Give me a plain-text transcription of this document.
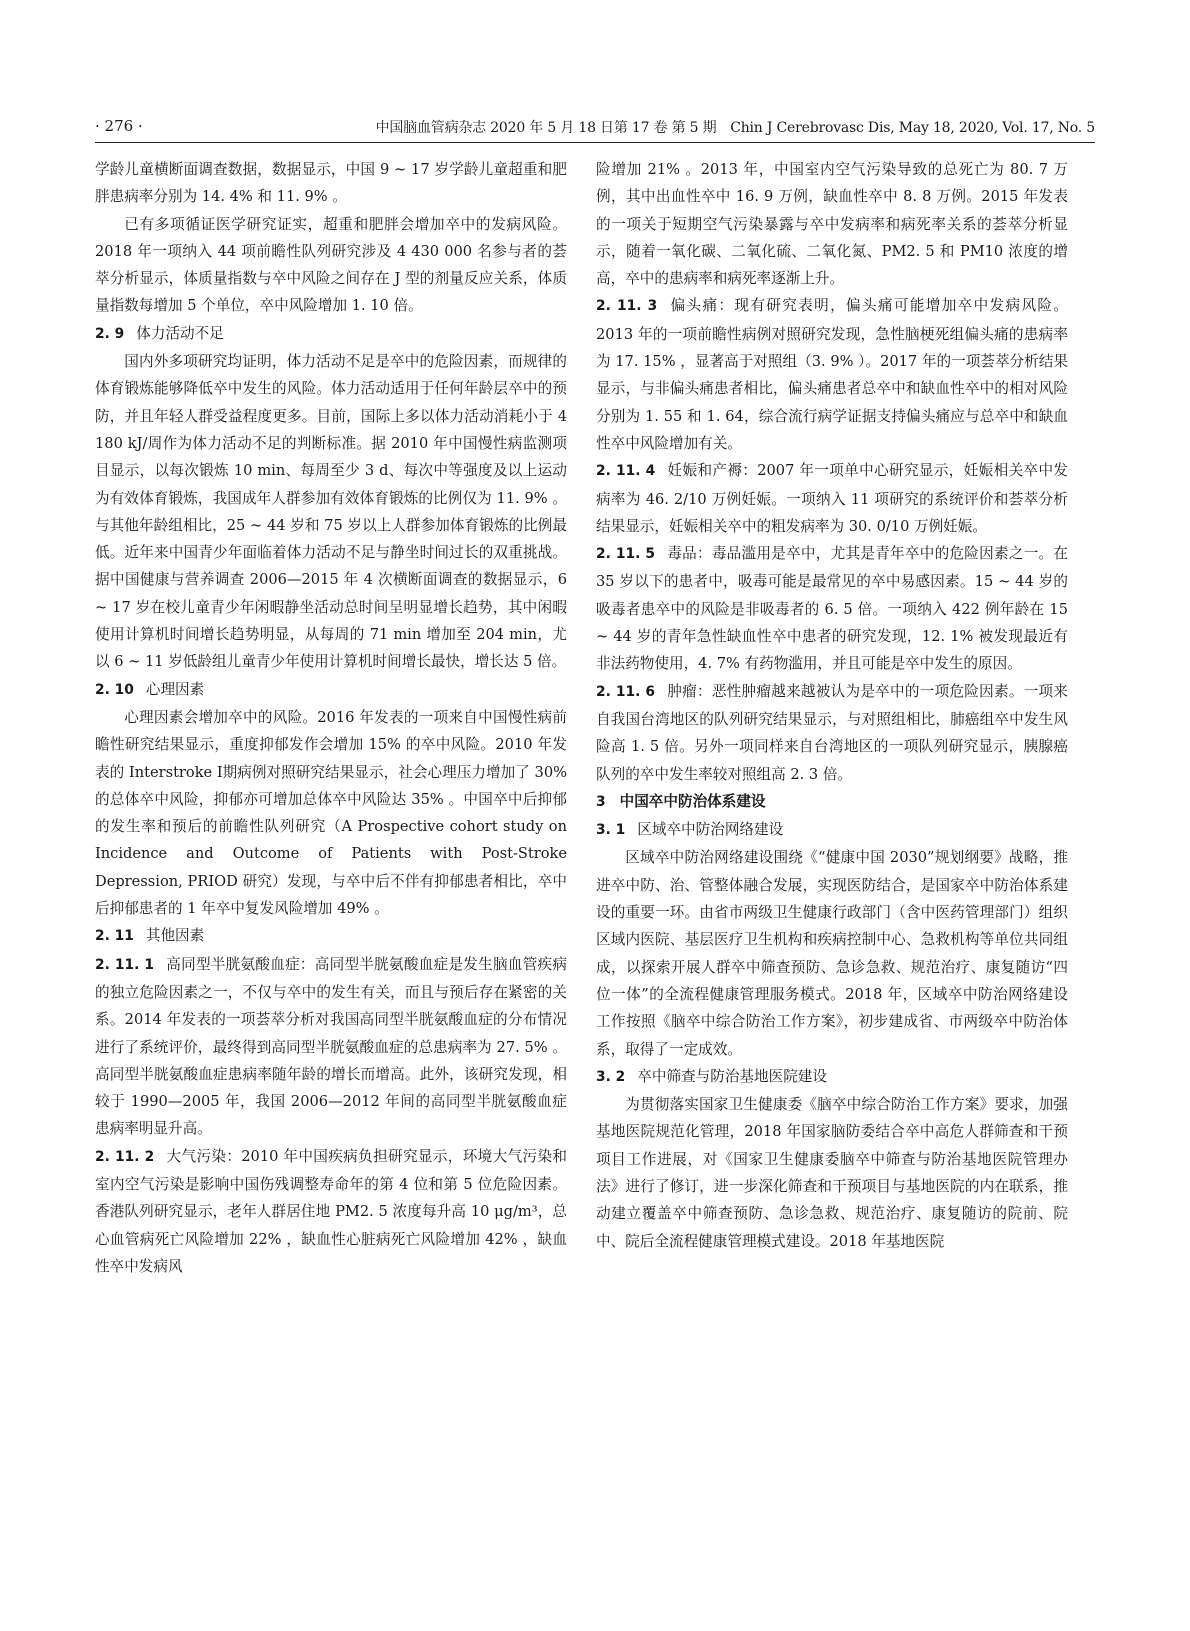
· 276 ·	中国脑血管病杂志 2020 年 5 月 18 日第 17 卷 第 5 期　Chin J Cerebrovasc Dis, May 18, 2020, Vol. 17, No. 5

学龄儿童横断面调查数据，数据显示，中国 9 ~ 17 岁学龄儿童超重和肥胖患病率分别为 14. 4% 和 11. 9% 。

已有多项循证医学研究证实，超重和肥胖会增加卒中的发病风险。2018 年一项纳入 44 项前瞻性队列研究涉及 4 430 000 名参与者的荟萃分析显示，体质量指数与卒中风险之间存在 J 型的剂量反应关系，体质量指数每增加 5 个单位，卒中风险增加 1. 10 倍。

2. 9 体力活动不足

国内外多项研究均证明，体力活动不足是卒中的危险因素，而规律的体育锻炼能够降低卒中发生的风险。体力活动适用于任何年龄层卒中的预防，并且年轻人群受益程度更多。目前，国际上多以体力活动消耗小于 4 180 kJ/周作为体力活动不足的判断标准。据 2010 年中国慢性病监测项目显示，以每次锻炼 10 min、每周至少 3 d、每次中等强度及以上运动为有效体育锻炼，我国成年人群参加有效体育锻炼的比例仅为 11. 9% 。与其他年龄组相比，25 ~ 44 岁和 75 岁以上人群参加体育锻炼的比例最低。近年来中国青少年面临着体力活动不足与静坐时间过长的双重挑战。据中国健康与营养调查 2006—2015 年 4 次横断面调查的数据显示，6 ~ 17 岁在校儿童青少年闲暇静坐活动总时间呈明显增长趋势，其中闲暇使用计算机时间增长趋势明显，从每周的 71 min 增加至 204 min，尤以 6 ~ 11 岁低龄组儿童青少年使用计算机时间增长最快，增长达 5 倍。

2. 10 心理因素

心理因素会增加卒中的风险。2016 年发表的一项来自中国慢性病前瞻性研究结果显示，重度抑郁发作会增加 15% 的卒中风险。2010 年发表的 Interstroke Ⅰ期病例对照研究结果显示，社会心理压力增加了 30% 的总体卒中风险，抑郁亦可增加总体卒中风险达 35% 。中国卒中后抑郁的发生率和预后的前瞻性队列研究（A Prospective cohort study on Incidence and Outcome of Patients with Post-Stroke Depression, PRIOD 研究）发现，与卒中后不伴有抑郁患者相比，卒中后抑郁患者的 1 年卒中复发风险增加 49% 。

2. 11 其他因素

2. 11. 1 高同型半胱氨酸血症：高同型半胱氨酸血症是发生脑血管疾病的独立危险因素之一，不仅与卒中的发生有关，而且与预后存在紧密的关系。2014 年发表的一项荟萃分析对我国高同型半胱氨酸血症的分布情况进行了系统评价，最终得到高同型半胱氨酸血症的总患病率为 27. 5% 。高同型半胱氨酸血症患病率随年龄的增长而增高。此外，该研究发现，相较于 1990—2005 年，我国 2006—2012 年间的高同型半胱氨酸血症患病率明显升高。

2. 11. 2 大气污染：2010 年中国疾病负担研究显示，环境大气污染和室内空气污染是影响中国伤残调整寿命年的第 4 位和第 5 位危险因素。香港队列研究显示，老年人群居住地 PM2. 5 浓度每升高 10 μg/m³，总心血管病死亡风险增加 22% ，缺血性心脏病死亡风险增加 42% ，缺血性卒中发病风

险增加 21% 。2013 年，中国室内空气污染导致的总死亡为 80. 7 万例，其中出血性卒中 16. 9 万例，缺血性卒中 8. 8 万例。2015 年发表的一项关于短期空气污染暴露与卒中发病率和病死率关系的荟萃分析显示，随着一氧化碳、二氧化硫、二氧化氮、PM2. 5 和 PM10 浓度的增高，卒中的患病率和病死率逐渐上升。

2. 11. 3 偏头痛：现有研究表明，偏头痛可能增加卒中发病风险。2013 年的一项前瞻性病例对照研究发现，急性脑梗死组偏头痛的患病率为 17. 15% ，显著高于对照组（3. 9% ）。2017 年的一项荟萃分析结果显示，与非偏头痛患者相比，偏头痛患者总卒中和缺血性卒中的相对风险分别为 1. 55 和 1. 64，综合流行病学证据支持偏头痛应与总卒中和缺血性卒中风险增加有关。

2. 11. 4 妊娠和产褥：2007 年一项单中心研究显示，妊娠相关卒中发病率为 46. 2/10 万例妊娠。一项纳入 11 项研究的系统评价和荟萃分析结果显示，妊娠相关卒中的粗发病率为 30. 0/10 万例妊娠。

2. 11. 5 毒品：毒品滥用是卒中，尤其是青年卒中的危险因素之一。在 35 岁以下的患者中，吸毒可能是最常见的卒中易感因素。15 ~ 44 岁的吸毒者患卒中的风险是非吸毒者的 6. 5 倍。一项纳入 422 例年龄在 15 ~ 44 岁的青年急性缺血性卒中患者的研究发现，12. 1% 被发现最近有非法药物使用，4. 7% 有药物滥用，并且可能是卒中发生的原因。

2. 11. 6 肿瘤：恶性肿瘤越来越被认为是卒中的一项危险因素。一项来自我国台湾地区的队列研究结果显示，与对照组相比，肺癌组卒中发生风险高 1. 5 倍。另外一项同样来自台湾地区的一项队列研究显示，胰腺癌队列的卒中发生率较对照组高 2. 3 倍。

3 中国卒中防治体系建设
3. 1 区域卒中防治网络建设

区域卒中防治网络建设围绕《“健康中国 2030”规划纲要》战略，推进卒中防、治、管整体融合发展，实现医防结合，是国家卒中防治体系建设的重要一环。由省市两级卫生健康行政部门（含中医药管理部门）组织区域内医院、基层医疗卫生机构和疾病控制中心、急救机构等单位共同组成，以探索开展人群卒中筛查预防、急诊急救、规范治疗、康复随访“四位一体”的全流程健康管理服务模式。2018 年，区域卒中防治网络建设工作按照《脑卒中综合防治工作方案》，初步建成省、市两级卒中防治体系，取得了一定成效。

3. 2 卒中筛查与防治基地医院建设

为贯彻落实国家卫生健康委《脑卒中综合防治工作方案》要求，加强基地医院规范化管理，2018 年国家脑防委结合卒中高危人群筛查和干预项目工作进展，对《国家卫生健康委脑卒中筛查与防治基地医院管理办法》进行了修订，进一步深化筛查和干预项目与基地医院的内在联系，推动建立覆盖卒中筛查预防、急诊急救、规范治疗、康复随访的院前、院中、院后全流程健康管理模式建设。2018 年基地医院
